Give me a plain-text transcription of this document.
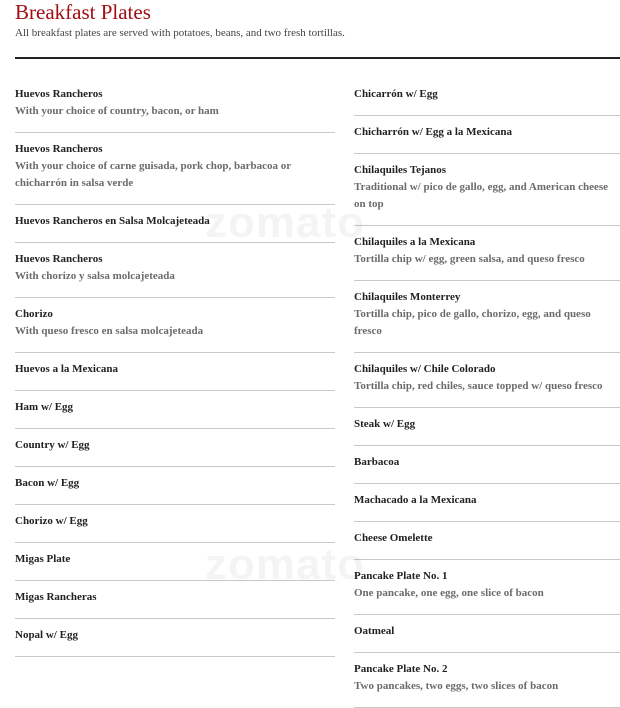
Breakfast Plates
All breakfast plates are served with potatoes, beans, and two fresh tortillas.
Huevos Rancheros
With your choice of country, bacon, or ham
Huevos Rancheros
With your choice of carne guisada, pork chop, barbacoa or chicharrón in salsa verde
Huevos Rancheros en Salsa Molcajeteada
Huevos Rancheros
With chorizo y salsa molcajeteada
Chorizo
With queso fresco en salsa molcajeteada
Huevos a la Mexicana
Ham w/ Egg
Country w/ Egg
Bacon w/ Egg
Chorizo w/ Egg
Migas Plate
Migas Rancheras
Nopal w/ Egg
Chicarrón w/ Egg
Chicharrón w/ Egg a la Mexicana
Chilaquiles Tejanos
Traditional w/ pico de gallo, egg, and American cheese on top
Chilaquiles a la Mexicana
Tortilla chip w/ egg, green salsa, and queso fresco
Chilaquiles Monterrey
Tortilla chip, pico de gallo, chorizo, egg, and queso fresco
Chilaquiles w/ Chile Colorado
Tortilla chip, red chiles, sauce topped w/ queso fresco
Steak w/ Egg
Barbacoa
Machacado a la Mexicana
Cheese Omelette
Pancake Plate No. 1
One pancake, one egg, one slice of bacon
Oatmeal
Pancake Plate No. 2
Two pancakes, two eggs, two slices of bacon
